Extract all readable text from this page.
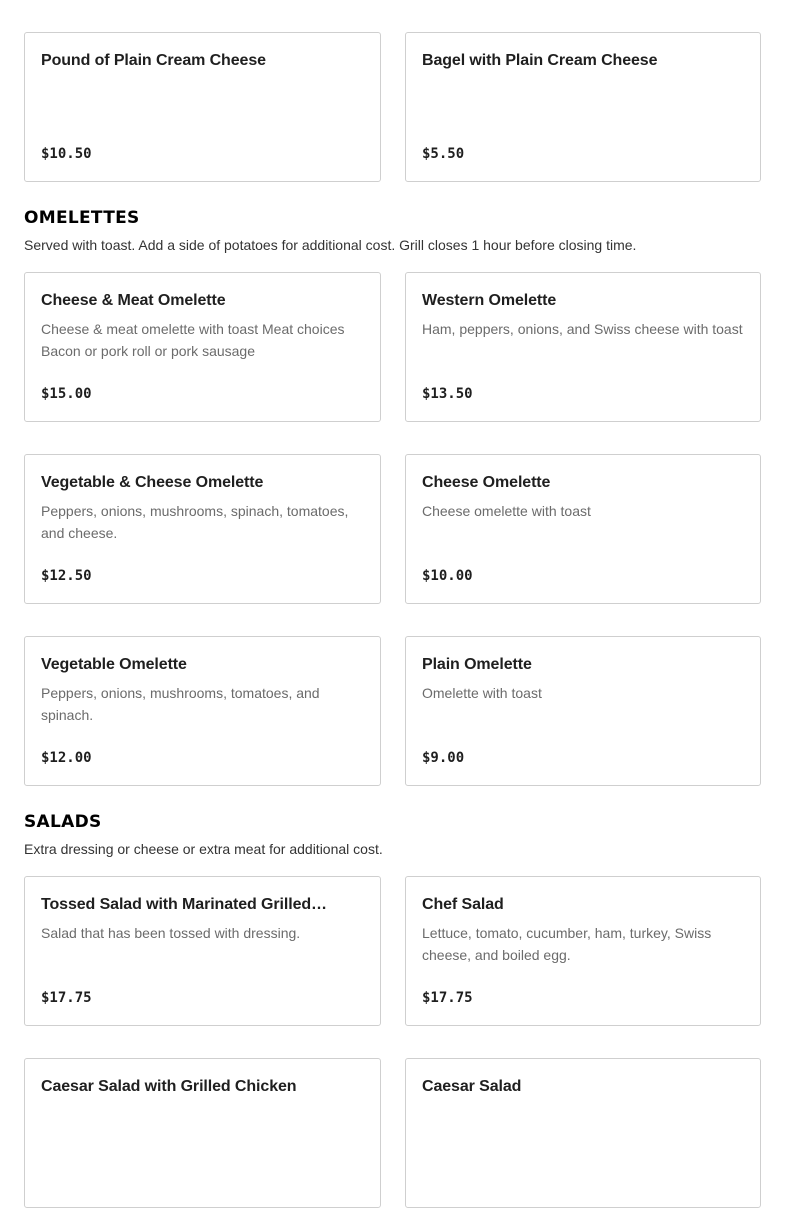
Pound of Plain Cream Cheese
$10.50
Bagel with Plain Cream Cheese
$5.50
OMELETTES
Served with toast. Add a side of potatoes for additional cost. Grill closes 1 hour before closing time.
Cheese & Meat Omelette
Cheese & meat omelette with toast Meat choices Bacon or pork roll or pork sausage
$15.00
Western Omelette
Ham, peppers, onions, and Swiss cheese with toast
$13.50
Vegetable & Cheese Omelette
Peppers, onions, mushrooms, spinach, tomatoes, and cheese.
$12.50
Cheese Omelette
Cheese omelette with toast
$10.00
Vegetable Omelette
Peppers, onions, mushrooms, tomatoes, and spinach.
$12.00
Plain Omelette
Omelette with toast
$9.00
SALADS
Extra dressing or cheese or extra meat for additional cost.
Tossed Salad with Marinated Grilled…
Salad that has been tossed with dressing.
$17.75
Chef Salad
Lettuce, tomato, cucumber, ham, turkey, Swiss cheese, and boiled egg.
$17.75
Caesar Salad with Grilled Chicken	Caesar Salad
